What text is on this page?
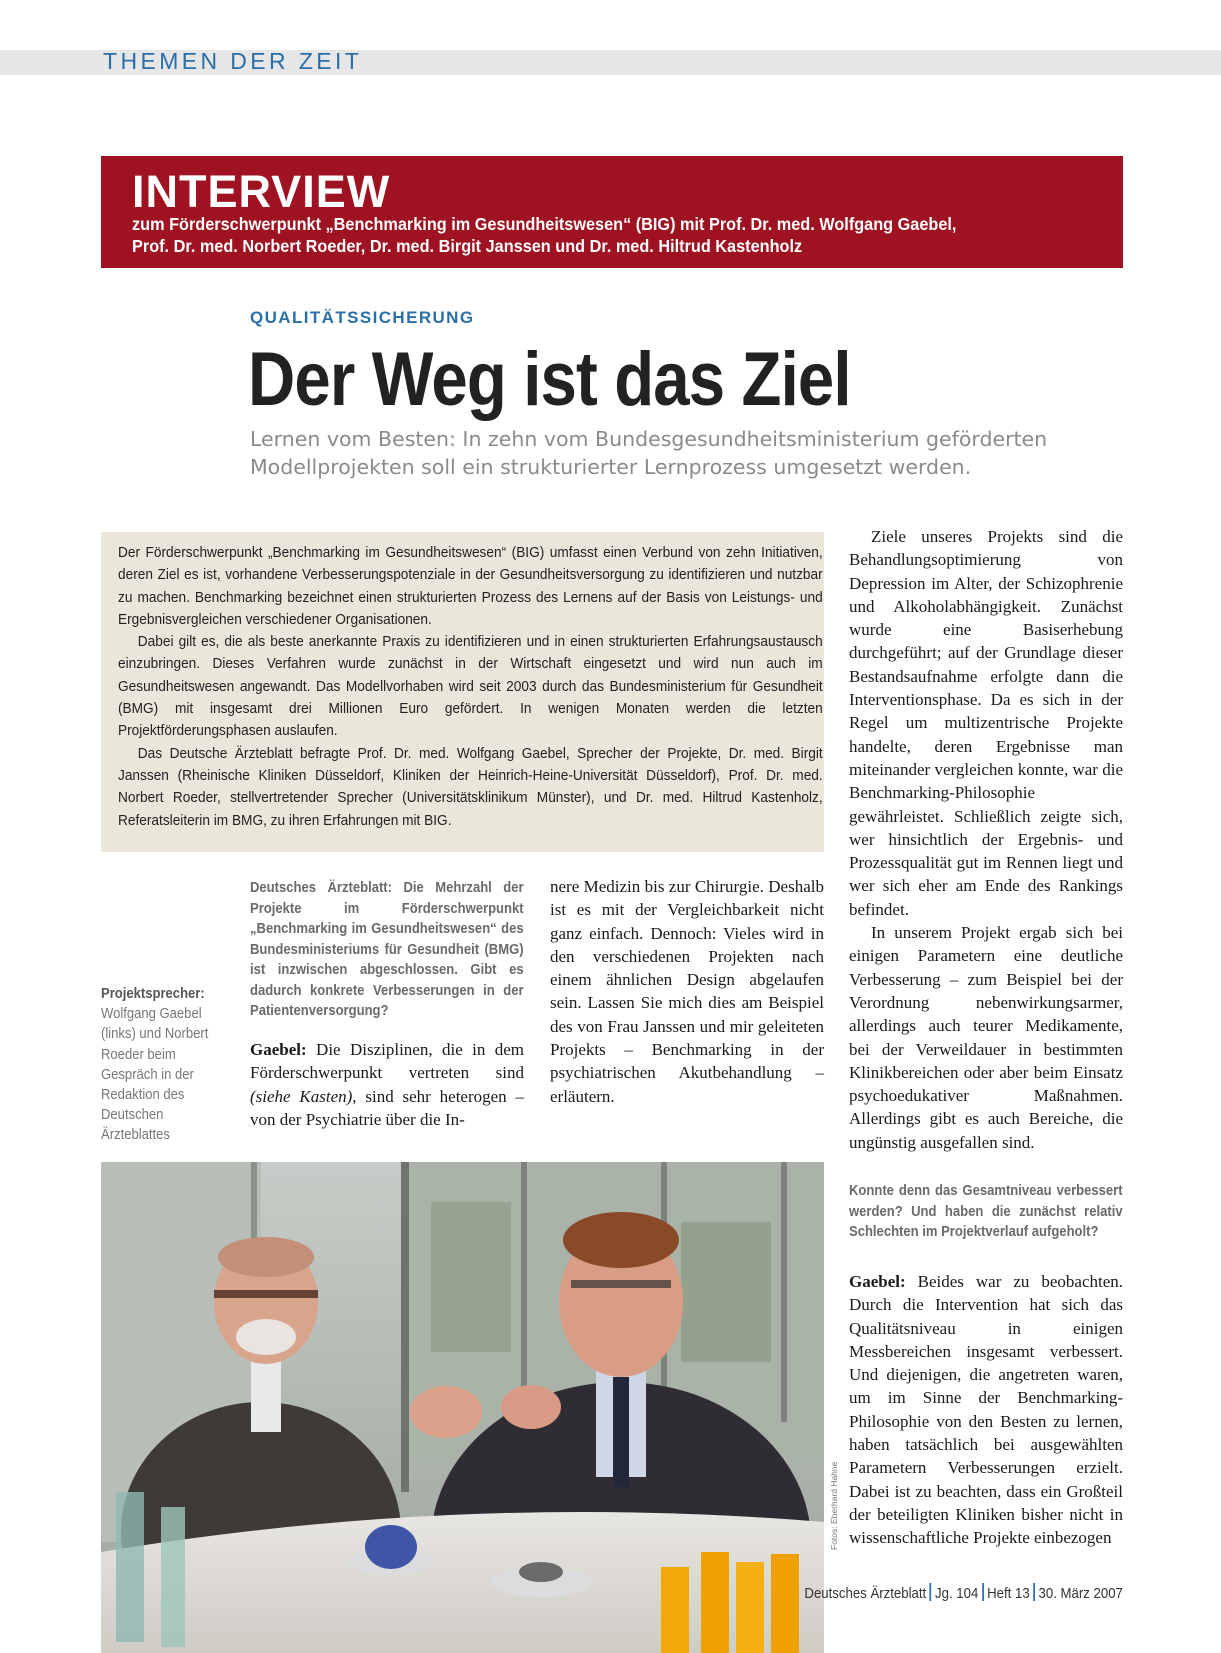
THEMEN DER ZEIT
INTERVIEW
zum Förderschwerpunkt „Benchmarking im Gesundheitswesen“ (BIG) mit Prof. Dr. med. Wolfgang Gaebel,
Prof. Dr. med. Norbert Roeder, Dr. med. Birgit Janssen und Dr. med. Hiltrud Kastenholz
QUALITÄTSSICHERUNG
Der Weg ist das Ziel
Lernen vom Besten: In zehn vom Bundesgesundheitsministerium geförderten Modellprojekten soll ein strukturierter Lernprozess umgesetzt werden.

Der Förderschwerpunkt „Benchmarking im Gesundheitswesen“ (BIG) umfasst einen Verbund von zehn Initiativen, deren Ziel es ist, vorhandene Verbesserungspotenziale in der Gesundheitsversorgung zu identifizieren und nutzbar zu machen. Benchmarking bezeichnet einen strukturierten Prozess des Lernens auf der Basis von Leistungs- und Ergebnisvergleichen verschiedener Organisationen.

Dabei gilt es, die als beste anerkannte Praxis zu identifizieren und in einen strukturierten Erfahrungsaustausch einzubringen. Dieses Verfahren wurde zunächst in der Wirtschaft eingesetzt und wird nun auch im Gesundheitswesen angewandt. Das Modellvorhaben wird seit 2003 durch das Bundesministerium für Gesundheit (BMG) mit insgesamt drei Millionen Euro gefördert. In wenigen Monaten werden die letzten Projektförderungsphasen auslaufen.

Das Deutsche Ärzteblatt befragte Prof. Dr. med. Wolfgang Gaebel, Sprecher der Projekte, Dr. med. Birgit Janssen (Rheinische Kliniken Düsseldorf, Kliniken der Heinrich-Heine-Universität Düsseldorf), Prof. Dr. med. Norbert Roeder, stellvertretender Sprecher (Universitätsklinikum Münster), und Dr. med. Hiltrud Kastenholz, Referatsleiterin im BMG, zu ihren Erfahrungen mit BIG.

Ziele unseres Projekts sind die Behandlungsoptimierung von Depression im Alter, der Schizophrenie und Alkoholabhängigkeit. Zunächst wurde eine Basiserhebung durchgeführt; auf der Grundlage dieser Bestandsaufnahme erfolgte dann die Interventionsphase. Da es sich in der Regel um multizentrische Projekte handelte, deren Ergebnisse man miteinander vergleichen konnte, war die Benchmarking-Philosophie gewährleistet. Schließlich zeigte sich, wer hinsichtlich der Ergebnis- und Prozessqualität gut im Rennen liegt und wer sich eher am Ende des Rankings befindet.

In unserem Projekt ergab sich bei einigen Parametern eine deutliche Verbesserung – zum Beispiel bei der Verordnung nebenwirkungsarmer, allerdings auch teurer Medikamente, bei der Verweildauer in bestimmten Klinikbereichen oder aber beim Einsatz psychoedukativer Maßnahmen. Allerdings gibt es auch Bereiche, die ungünstig ausgefallen sind.

Konnte denn das Gesamtniveau verbessert werden? Und haben die zunächst relativ Schlechten im Projektverlauf aufgeholt?

Gaebel: Beides war zu beobachten. Durch die Intervention hat sich das Qualitätsniveau in einigen Messbereichen insgesamt verbessert. Und diejenigen, die angetreten waren, um im Sinne der Benchmarking-Philosophie von den Besten zu lernen, haben tatsächlich bei ausgewählten Parametern Verbesserungen erzielt. Dabei ist zu beachten, dass ein Großteil der beteiligten Kliniken bisher nicht in wissenschaftliche Projekte einbezogen

Deutsches Ärzteblatt: Die Mehrzahl der Projekte im Förderschwerpunkt „Benchmarking im Gesundheitswesen“ des Bundesministeriums für Gesundheit (BMG) ist inzwischen abgeschlossen. Gibt es dadurch konkrete Verbesserungen in der Patientenversorgung?

Gaebel: Die Disziplinen, die in dem Förderschwerpunkt vertreten sind (siehe Kasten), sind sehr heterogen – von der Psychiatrie über die In-

nere Medizin bis zur Chirurgie. Deshalb ist es mit der Vergleichbarkeit nicht ganz einfach. Dennoch: Vieles wird in den verschiedenen Projekten nach einem ähnlichen Design abgelaufen sein. Lassen Sie mich dies am Beispiel des von Frau Janssen und mir geleiteten Projekts – Benchmarking in der psychiatrischen Akutbehandlung – erläutern.

Projektsprecher:
Wolfgang Gaebel (links) und Norbert Roeder beim Gespräch in der Redaktion des Deutschen Ärzteblattes
Fotos: Eberhard Hahne
Deutsches Ärzteblatt Jg. 104 Heft 13 30. März 2007
